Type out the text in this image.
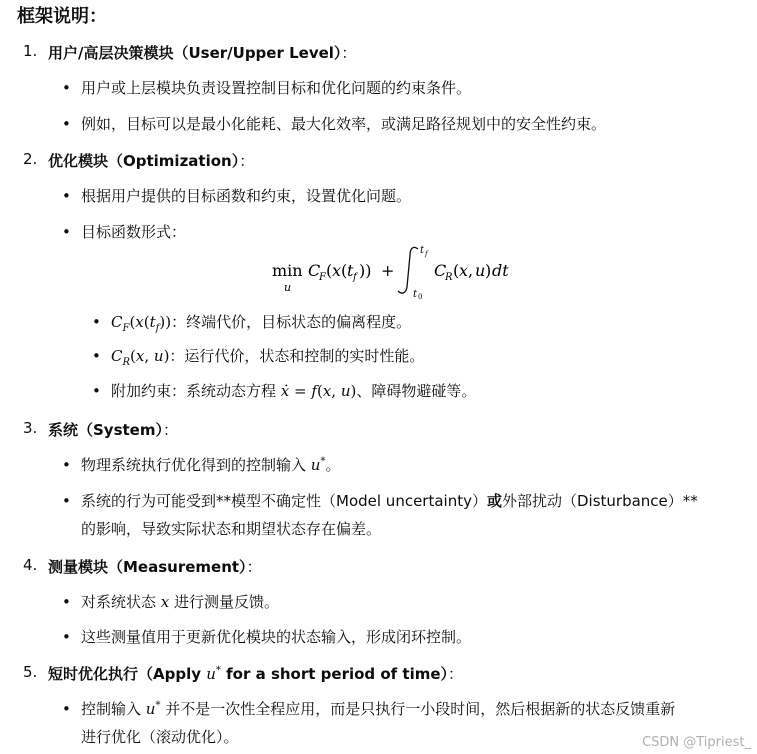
框架说明：
1. 用户/高层决策模块（User/Upper Level）：
• 用户或上层模块负责设置控制目标和优化问题的约束条件。
• 例如，目标可以是最小化能耗、最大化效率，或满足路径规划中的安全性约束。
2. 优化模块（Optimization）：
• 根据用户提供的目标函数和约束，设置优化问题。
• 目标函数形式：
min
u
C
F ( x ( t f )) +
t f
t 0
C
R ( x , u ) dt
• $C_F(x(t_f))$：终端代价，目标状态的偏离程度。
• $C_R(x$, u)：运行代价，状态和控制的实时性能。
• 附加约束：系统动态方程 ẋ = f(x, u)、障碍物避碰等。
3. 系统（System）：
• 物理系统执行优化得到的控制输入 u*。
• 系统的行为可能受到**模型不确定性（Model uncertainty）或外部扰动（Disturbance）**
的影响，导致实际状态和期望状态存在偏差。
4. 测量模块（Measurement）：
• 对系统状态 x 进行测量反馈。
• 这些测量值用于更新优化模块的状态输入，形成闭环控制。
5. 短时优化执行（Apply u* for a short period of time）：
• 控制输入 u* 并不是一次性全程应用，而是只执行一小段时间，然后根据新的状态反馈重新
进行优化（滚动优化）。	CSDN @Tipriest_
